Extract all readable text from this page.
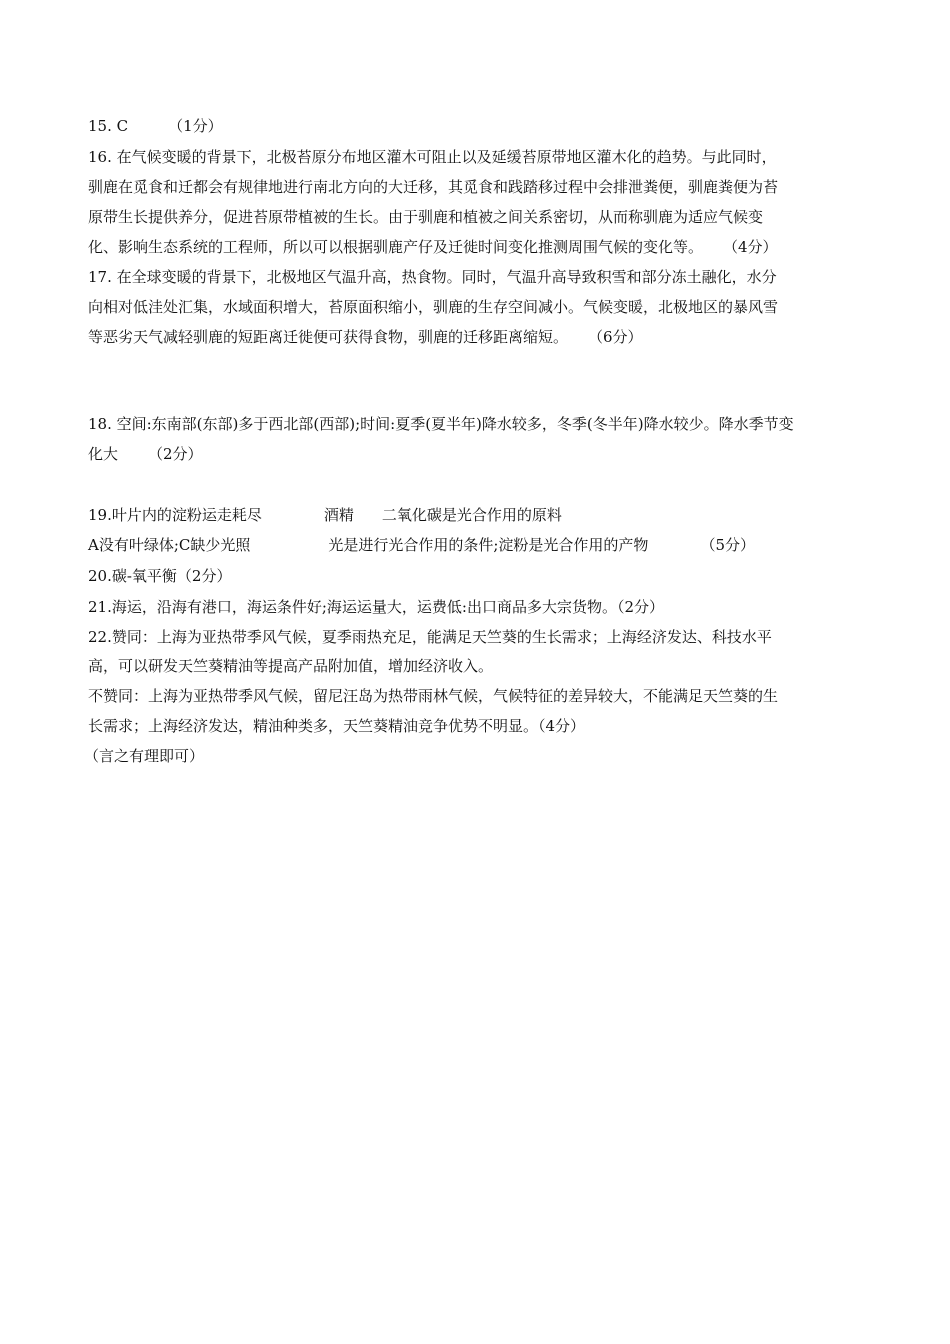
15. C	（1分）
16. 在气候变暖的背景下，北极苔原分布地区灌木可阻止以及延缓苔原带地区灌木化的趋势。与此同时，
驯鹿在觅食和迁都会有规律地进行南北方向的大迁移，其觅食和践踏移过程中会排泄粪便，驯鹿粪便为苔
原带生长提供养分，促进苔原带植被的生长。由于驯鹿和植被之间关系密切，从而称驯鹿为适应气候变
化、影响生态系统的工程师，所以可以根据驯鹿产仔及迁徙时间变化推测周围气候的变化等。 （4分）
17. 在全球变暖的背景下，北极地区气温升高，热食物。同时，气温升高导致积雪和部分冻土融化，水分
向相对低洼处汇集，水域面积增大，苔原面积缩小，驯鹿的生存空间减小。气候变暖，北极地区的暴风雪
等恶劣天气减轻驯鹿的短距离迁徙便可获得食物，驯鹿的迁移距离缩短。 （6分）
18. 空间:东南部(东部)多于西北部(西部);时间:夏季(夏半年)降水较多，冬季(冬半年)降水较少。降水季节变
化大 （2分）
19.叶片内的淀粉运走耗尽	酒精 二氧化碳是光合作用的原料
A没有叶绿体;C缺少光照	光是进行光合作用的条件;淀粉是光合作用的产物	（5分）
20.碳-氧平衡（2分）
21.海运，沿海有港口，海运条件好;海运运量大，运费低:出口商品多大宗货物。（2分）
22.赞同：上海为亚热带季风气候，夏季雨热充足，能满足天竺葵的生长需求；上海经济发达、科技水平
高，可以研发天竺葵精油等提高产品附加值，增加经济收入。
不赞同：上海为亚热带季风气候，留尼汪岛为热带雨林气候，气候特征的差异较大，不能满足天竺葵的生
长需求；上海经济发达，精油种类多，天竺葵精油竞争优势不明显。（4分）
（言之有理即可）
